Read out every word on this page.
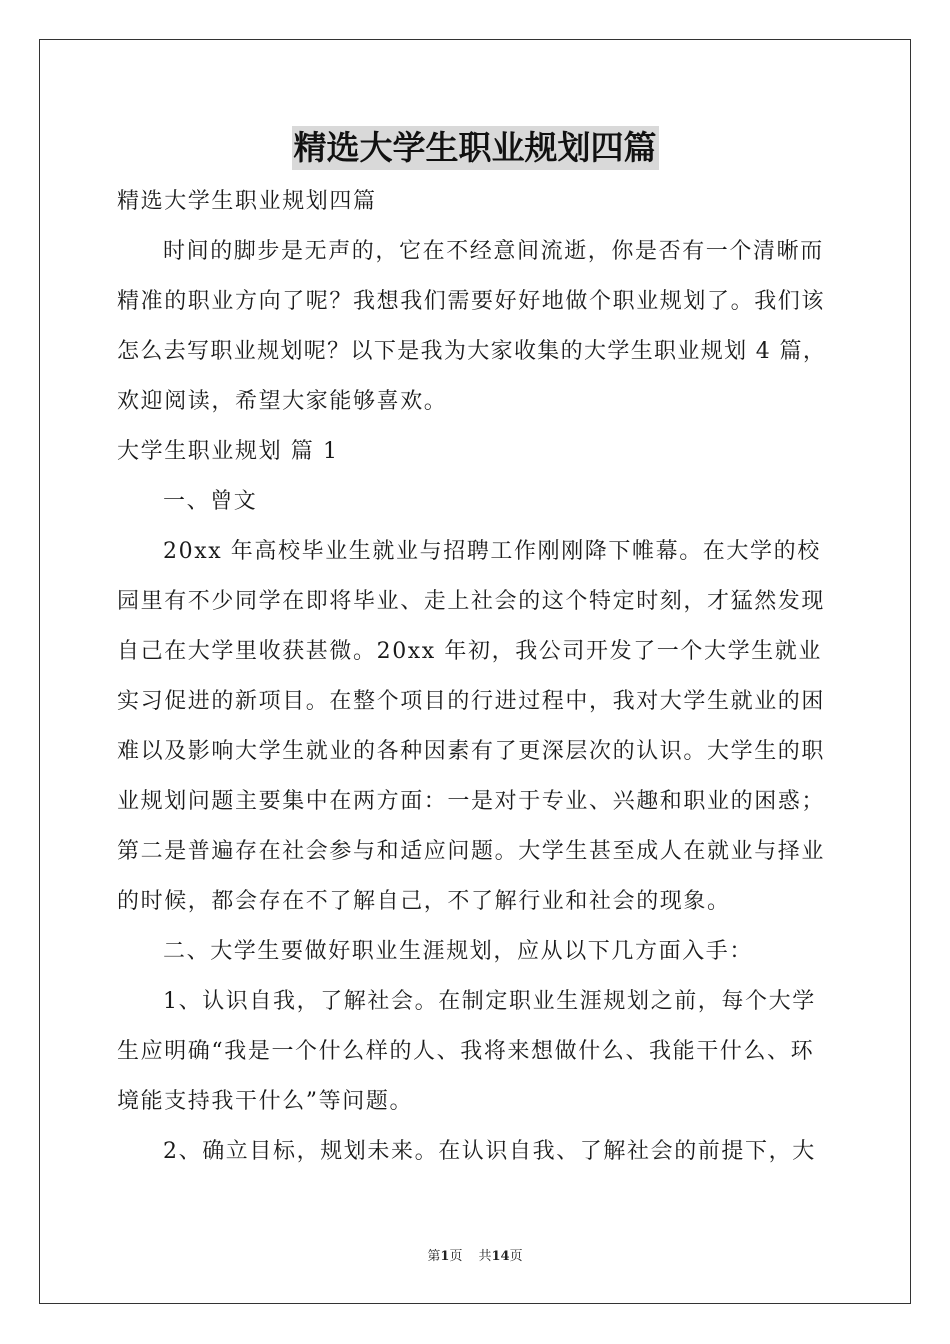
精选大学生职业规划四篇
精选大学生职业规划四篇
时间的脚步是无声的，它在不经意间流逝，你是否有一个清晰而
精准的职业方向了呢？我想我们需要好好地做个职业规划了。我们该
怎么去写职业规划呢？以下是我为大家收集的大学生职业规划 4 篇，
欢迎阅读，希望大家能够喜欢。
大学生职业规划 篇 1
一、曾文
20xx 年高校毕业生就业与招聘工作刚刚降下帷幕。在大学的校
园里有不少同学在即将毕业、走上社会的这个特定时刻，才猛然发现
自己在大学里收获甚微。20xx 年初，我公司开发了一个大学生就业
实习促进的新项目。在整个项目的行进过程中，我对大学生就业的困
难以及影响大学生就业的各种因素有了更深层次的认识。大学生的职
业规划问题主要集中在两方面：一是对于专业、兴趣和职业的困惑；
第二是普遍存在社会参与和适应问题。大学生甚至成人在就业与择业
的时候，都会存在不了解自己，不了解行业和社会的现象。
二、大学生要做好职业生涯规划，应从以下几方面入手：
1、认识自我，了解社会。在制定职业生涯规划之前，每个大学
生应明确“我是一个什么样的人、我将来想做什么、我能干什么、环
境能支持我干什么”等问题。
2、确立目标，规划未来。在认识自我、了解社会的前提下，大
第1页 共14页
